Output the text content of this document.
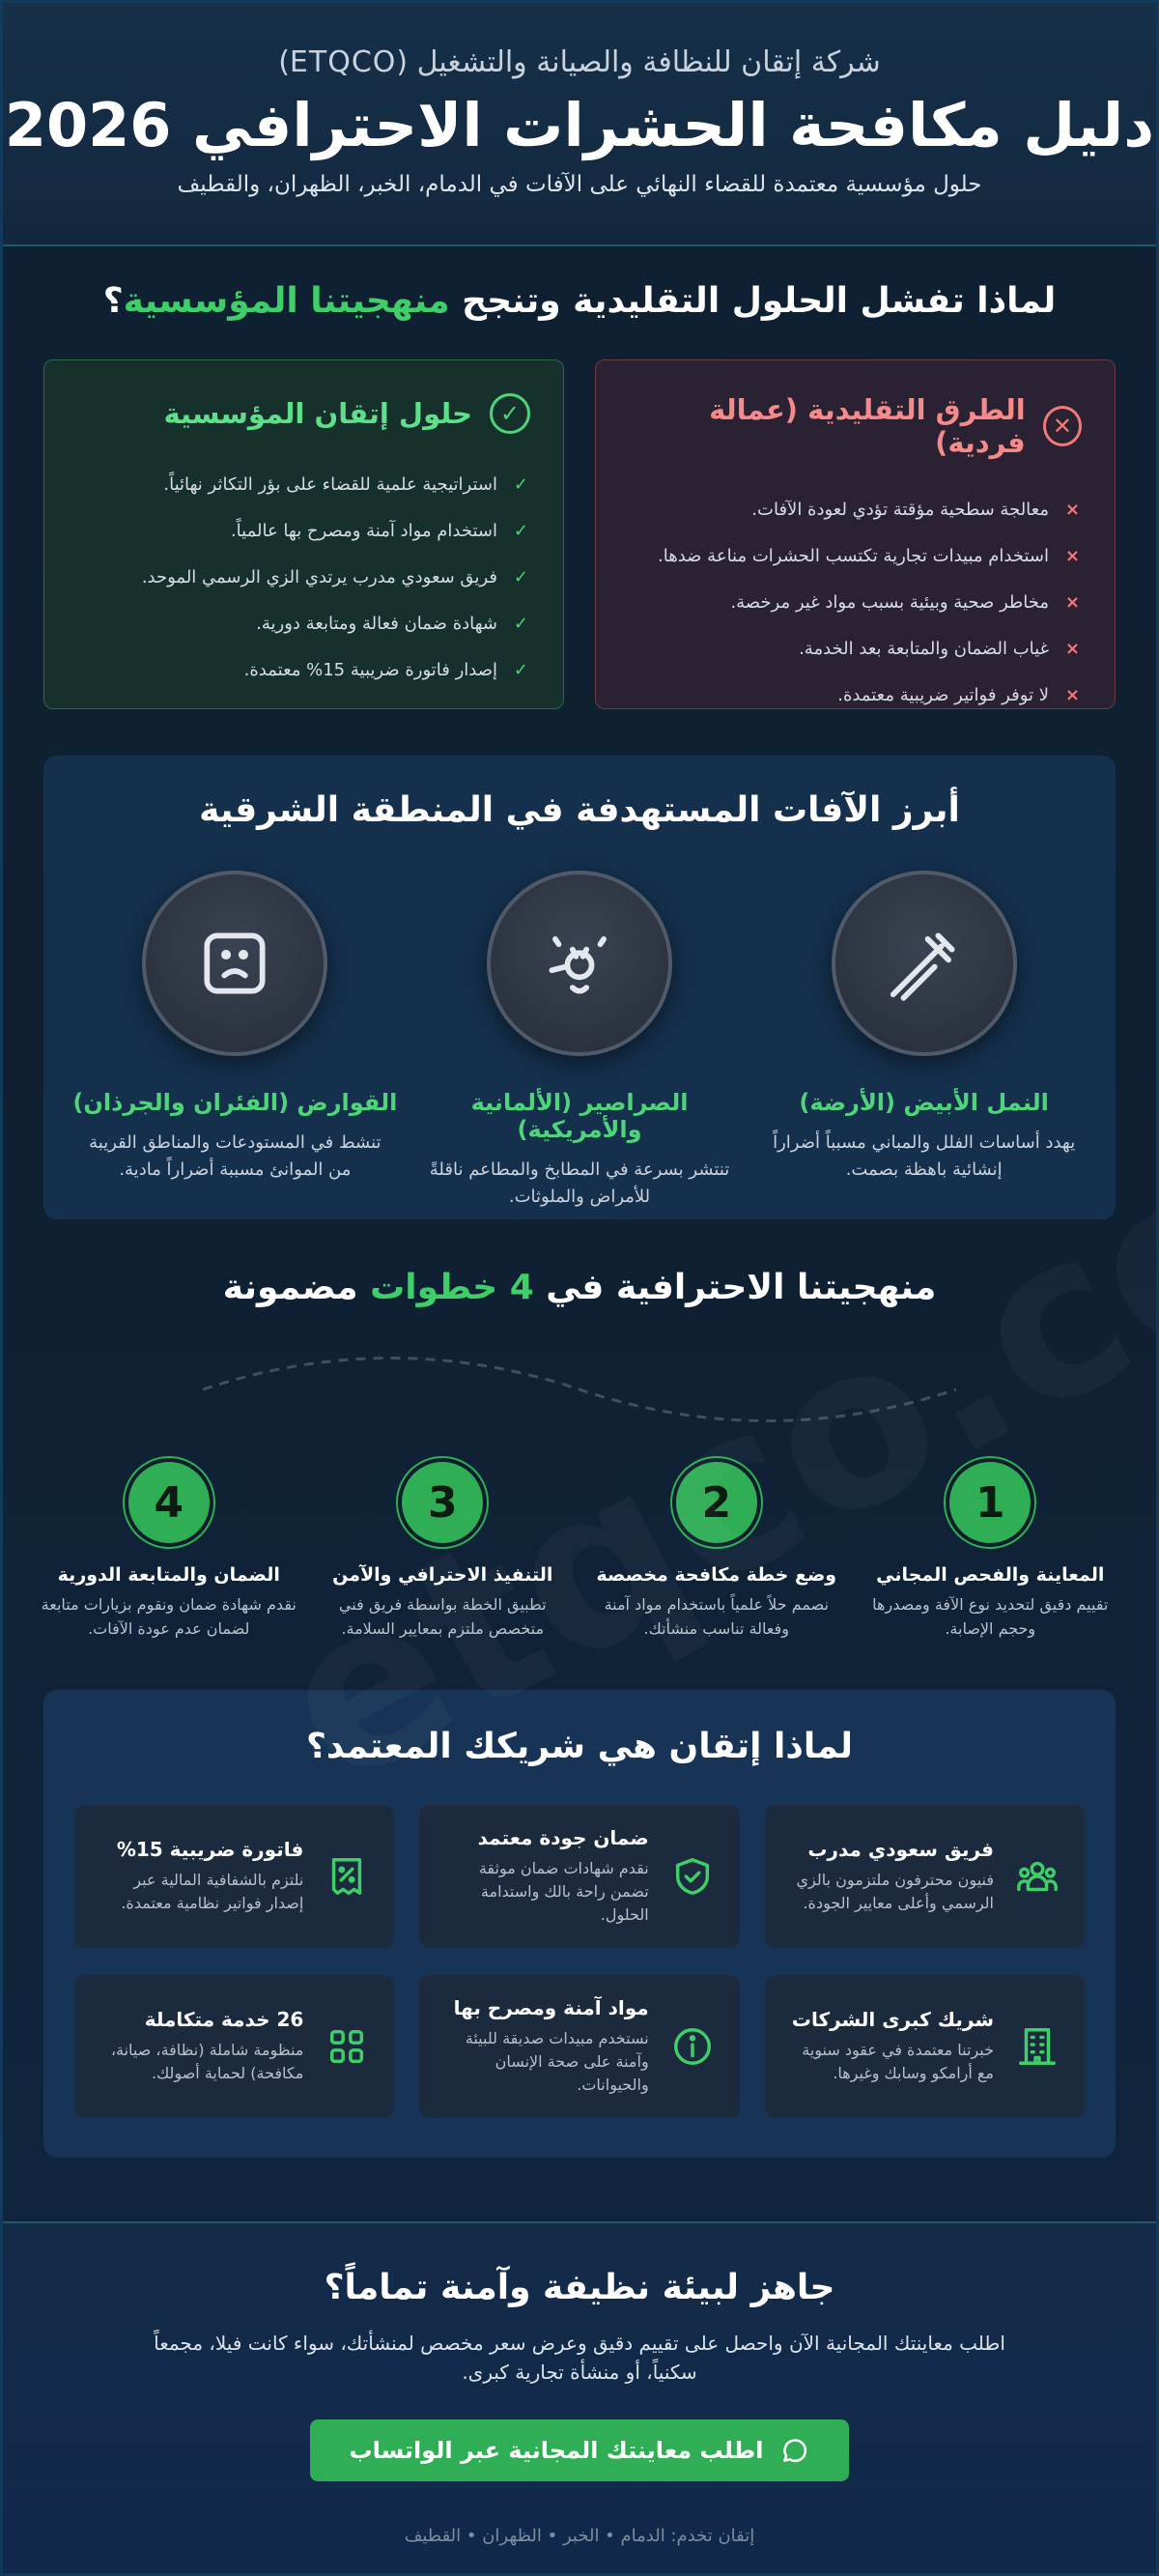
شركة إتقان للنظافة والصيانة والتشغيل (ETQCO)
دليل مكافحة الحشرات الاحترافي 2026
حلول مؤسسية معتمدة للقضاء النهائي على الآفات في الدمام، الخبر، الظهران، والقطيف
لماذا تفشل الحلول التقليدية وتنجح منهجيتنا المؤسسية؟
✕
الطرق التقليدية (عمالة فردية)
×
معالجة سطحية مؤقتة تؤدي لعودة الآفات.
×
استخدام مبيدات تجارية تكتسب الحشرات مناعة ضدها.
×
مخاطر صحية وبيئية بسبب مواد غير مرخصة.
×
غياب الضمان والمتابعة بعد الخدمة.
×
لا توفر فواتير ضريبية معتمدة.
✓
حلول إتقان المؤسسية
✓
استراتيجية علمية للقضاء على بؤر التكاثر نهائياً.
✓
استخدام مواد آمنة ومصرح بها عالمياً.
✓
فريق سعودي مدرب يرتدي الزي الرسمي الموحد.
✓
شهادة ضمان فعالة ومتابعة دورية.
✓
إصدار فاتورة ضريبية 15% معتمدة.
أبرز الآفات المستهدفة في المنطقة الشرقية
النمل الأبيض (الأرضة)
يهدد أساسات الفلل والمباني مسبباً أضراراً إنشائية باهظة بصمت.
الصراصير (الألمانية والأمريكية)
تنتشر بسرعة في المطابخ والمطاعم ناقلةً للأمراض والملوثات.
القوارض (الفئران والجرذان)
تنشط في المستودعات والمناطق القريبة من الموانئ مسببة أضراراً مادية.
منهجيتنا الاحترافية في 4 خطوات مضمونة
1
المعاينة والفحص المجاني
تقييم دقيق لتحديد نوع الآفة ومصدرها وحجم الإصابة.
2
وضع خطة مكافحة مخصصة
نصمم حلاً علمياً باستخدام مواد آمنة وفعالة تناسب منشأتك.
3
التنفيذ الاحترافي والآمن
تطبيق الخطة بواسطة فريق فني متخصص ملتزم بمعايير السلامة.
4
الضمان والمتابعة الدورية
نقدم شهادة ضمان ونقوم بزيارات متابعة لضمان عدم عودة الآفات.
لماذا إتقان هي شريكك المعتمد؟
فريق سعودي مدرب
فنيون محترفون ملتزمون بالزي الرسمي وأعلى معايير الجودة.
ضمان جودة معتمد
نقدم شهادات ضمان موثقة تضمن راحة بالك واستدامة الحلول.
فاتورة ضريبية 15%
نلتزم بالشفافية المالية عبر إصدار فواتير نظامية معتمدة.
شريك كبرى الشركات
خبرتنا معتمدة في عقود سنوية مع أرامكو وسابك وغيرها.
مواد آمنة ومصرح بها
نستخدم مبيدات صديقة للبيئة وآمنة على صحة الإنسان والحيوانات.
26 خدمة متكاملة
منظومة شاملة (نظافة، صيانة، مكافحة) لحماية أصولك.
جاهز لبيئة نظيفة وآمنة تماماً؟

اطلب معاينتك المجانية الآن واحصل على تقييم دقيق وعرض سعر مخصص لمنشأتك، سواء كانت فيلا، مجمعاً سكنياً، أو منشأة تجارية كبرى.

اطلب معاينتك المجانية عبر الواتساب
إتقان تخدم: الدمام • الخبر • الظهران • القطيف
